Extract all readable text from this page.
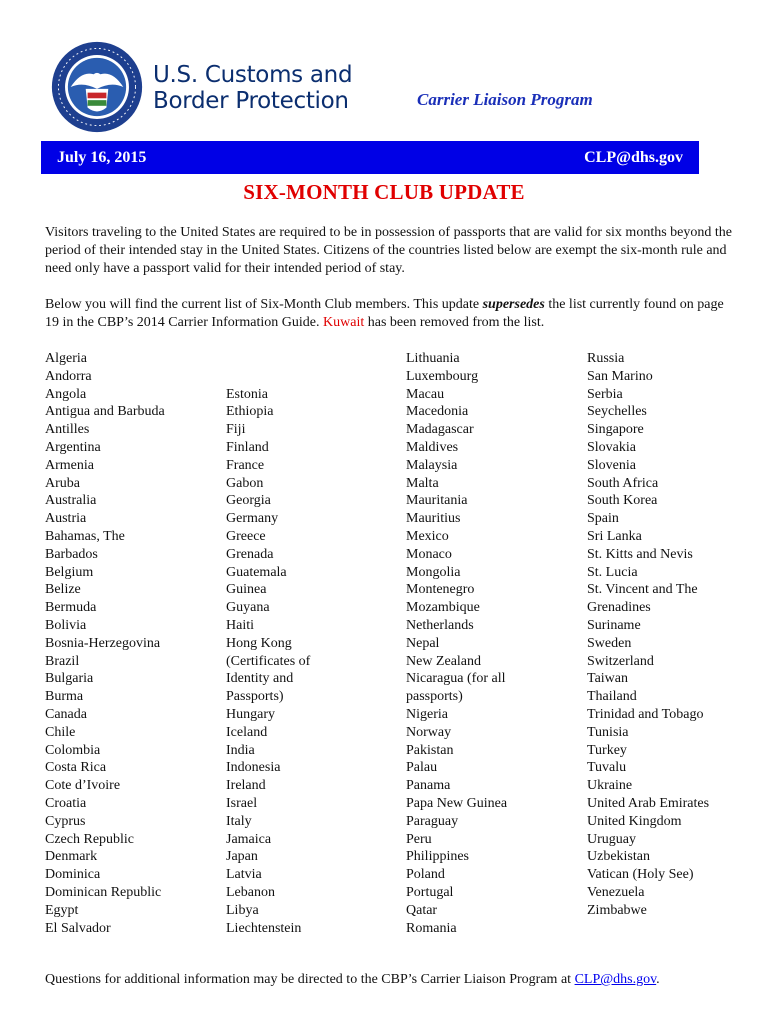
U.S. Customs and
Border Protection	Carrier Liaison Program
July 16, 2015	CLP@dhs.gov
SIX-MONTH CLUB UPDATE

Visitors traveling to the United States are required to be in possession of passports that are valid for six months beyond the period of their intended stay in the United States. Citizens of the countries listed below are exempt the six-month rule and need only have a passport valid for their intended period of stay.

Below you will find the current list of Six-Month Club members. This update supersedes the list currently found on page 19 in the CBP’s 2014 Carrier Information Guide. Kuwait has been removed from the list.

Algeria
Andorra
Angola
Antigua and Barbuda
Antilles
Argentina
Armenia
Aruba
Australia
Austria
Bahamas, The
Barbados
Belgium
Belize
Bermuda
Bolivia
Bosnia-Herzegovina
Brazil
Bulgaria
Burma
Canada
Chile
Colombia
Costa Rica
Cote d’Ivoire
Croatia
Cyprus
Czech Republic
Denmark
Dominica
Dominican Republic
Egypt
El Salvador
Estonia
Ethiopia
Fiji
Finland
France
Gabon
Georgia
Germany
Greece
Grenada
Guatemala
Guinea
Guyana
Haiti
Hong Kong
(Certificates of
Identity and
Passports)
Hungary
Iceland
India
Indonesia
Ireland
Israel
Italy
Jamaica
Japan
Latvia
Lebanon
Libya
Liechtenstein
Lithuania
Luxembourg
Macau
Macedonia
Madagascar
Maldives
Malaysia
Malta
Mauritania
Mauritius
Mexico
Monaco
Mongolia
Montenegro
Mozambique
Netherlands
Nepal
New Zealand
Nicaragua (for all
passports)
Nigeria
Norway
Pakistan
Palau
Panama
Papa New Guinea
Paraguay
Peru
Philippines
Poland
Portugal
Qatar
Romania
Russia
San Marino
Serbia
Seychelles
Singapore
Slovakia
Slovenia
South Africa
South Korea
Spain
Sri Lanka
St. Kitts and Nevis
St. Lucia
St. Vincent and The
Grenadines
Suriname
Sweden
Switzerland
Taiwan
Thailand
Trinidad and Tobago
Tunisia
Turkey
Tuvalu
Ukraine
United Arab Emirates
United Kingdom
Uruguay
Uzbekistan
Vatican (Holy See)
Venezuela
Zimbabwe
Questions for additional information may be directed to the CBP’s Carrier Liaison Program at CLP@dhs.gov.
